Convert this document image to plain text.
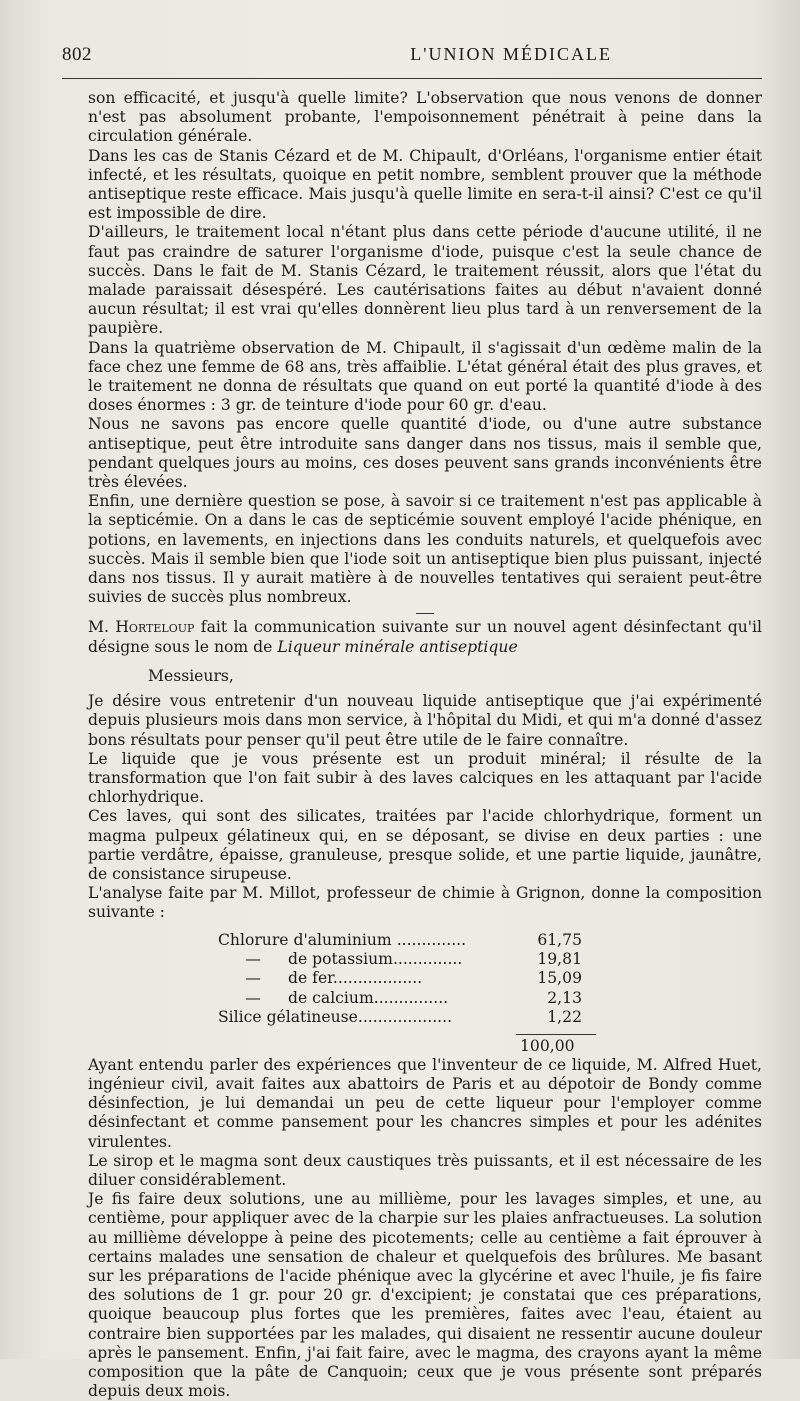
802	L'UNION MÉDICALE

son efficacité, et jusqu'à quelle limite? L'observation que nous venons de donner n'est pas absolument probante, l'empoisonnement pénétrait à peine dans la circulation générale.

Dans les cas de Stanis Cézard et de M. Chipault, d'Orléans, l'organisme entier était infecté, et les résultats, quoique en petit nombre, semblent prouver que la méthode antiseptique reste efficace. Mais jusqu'à quelle limite en sera-t-il ainsi? C'est ce qu'il est impossible de dire.

D'ailleurs, le traitement local n'étant plus dans cette période d'aucune utilité, il ne faut pas craindre de saturer l'organisme d'iode, puisque c'est la seule chance de succès. Dans le fait de M. Stanis Cézard, le traitement réussit, alors que l'état du malade paraissait désespéré. Les cautérisations faites au début n'avaient donné aucun résultat; il est vrai qu'elles donnèrent lieu plus tard à un renversement de la paupière.

Dans la quatrième observation de M. Chipault, il s'agissait d'un œdème malin de la face chez une femme de 68 ans, très affaiblie. L'état général était des plus graves, et le traitement ne donna de résultats que quand on eut porté la quantité d'iode à des doses énormes : 3 gr. de teinture d'iode pour 60 gr. d'eau.

Nous ne savons pas encore quelle quantité d'iode, ou d'une autre substance antiseptique, peut être introduite sans danger dans nos tissus, mais il semble que, pendant quelques jours au moins, ces doses peuvent sans grands inconvénients être très élevées.

Enfin, une dernière question se pose, à savoir si ce traitement n'est pas applicable à la septicémie. On a dans le cas de septicémie souvent employé l'acide phénique, en potions, en lavements, en injections dans les conduits naturels, et quelquefois avec succès. Mais il semble bien que l'iode soit un antiseptique bien plus puissant, injecté dans nos tissus. Il y aurait matière à de nouvelles tentatives qui seraient peut-être suivies de succès plus nombreux.

M. Horteloup fait la communication suivante sur un nouvel agent désinfectant qu'il désigne sous le nom de Liqueur minérale antiseptique

Messieurs,

Je désire vous entretenir d'un nouveau liquide antiseptique que j'ai expérimenté depuis plusieurs mois dans mon service, à l'hôpital du Midi, et qui m'a donné d'assez bons résultats pour penser qu'il peut être utile de le faire connaître.

Le liquide que je vous présente est un produit minéral; il résulte de la transformation que l'on fait subir à des laves calciques en les attaquant par l'acide chlorhydrique.

Ces laves, qui sont des silicates, traitées par l'acide chlorhydrique, forment un magma pulpeux gélatineux qui, en se déposant, se divise en deux parties : une partie verdâtre, épaisse, granuleuse, presque solide, et une partie liquide, jaunâtre, de consistance sirupeuse.

L'analyse faite par M. Millot, professeur de chimie à Grignon, donne la composition suivante :

Chlorure d'aluminium ..............	61,75
— de potassium..............	19,81
— de fer..................	15,09
— de calcium...............	2,13
Silice gélatineuse...................	1,22
100,00

Ayant entendu parler des expériences que l'inventeur de ce liquide, M. Alfred Huet, ingénieur civil, avait faites aux abattoirs de Paris et au dépotoir de Bondy comme désinfection, je lui demandai un peu de cette liqueur pour l'employer comme désinfectant et comme pansement pour les chancres simples et pour les adénites virulentes.

Le sirop et le magma sont deux caustiques très puissants, et il est nécessaire de les diluer considérablement.

Je fis faire deux solutions, une au millième, pour les lavages simples, et une, au centième, pour appliquer avec de la charpie sur les plaies anfractueuses. La solution au millième développe à peine des picotements; celle au centième a fait éprouver à certains malades une sensation de chaleur et quelquefois des brûlures. Me basant sur les préparations de l'acide phénique avec la glycérine et avec l'huile, je fis faire des solutions de 1 gr. pour 20 gr. d'excipient; je constatai que ces préparations, quoique beaucoup plus fortes que les premières, faites avec l'eau, étaient au contraire bien supportées par les malades, qui disaient ne ressentir aucune douleur après le pansement. Enfin, j'ai fait faire, avec le magma, des crayons ayant la même composition que la pâte de Canquoin; ceux que je vous présente sont préparés depuis deux mois.
